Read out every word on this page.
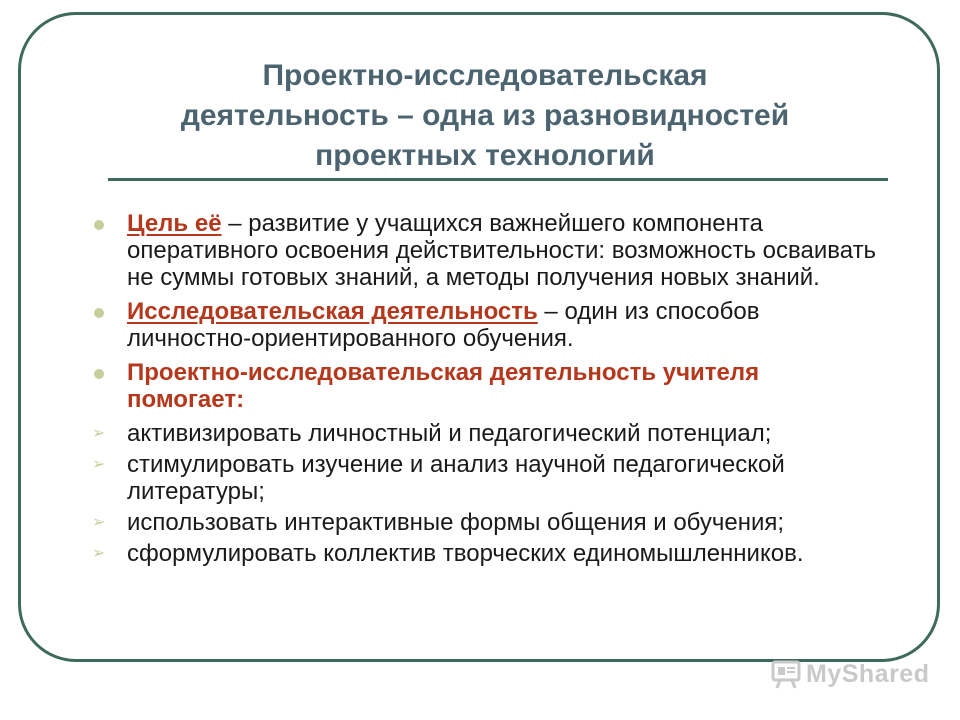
Проектно-исследовательская
деятельность – одна из разновидностей
проектных технологий
Цель её – развитие у учащихся важнейшего компонента оперативного освоения действительности: возможность осваивать не суммы готовых знаний, а методы получения новых знаний.
Исследовательская деятельность – один из способов личностно-ориентированного обучения.
Проектно-исследовательская деятельность учителя помогает:
➢ активизировать личностный и педагогический потенциал;
➢ стимулировать изучение и анализ научной педагогической литературы;
➢ использовать интерактивные формы общения и обучения;
➢ сформулировать коллектив творческих единомышленников.
MyShared
